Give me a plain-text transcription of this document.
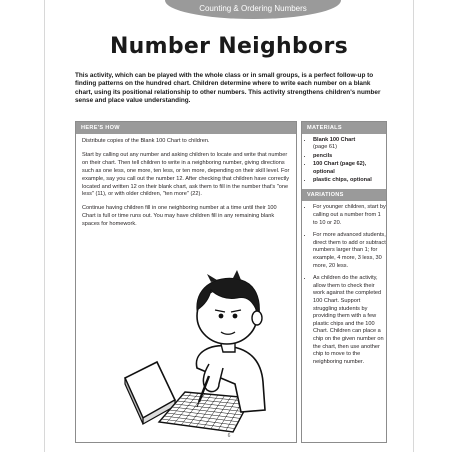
Counting & Ordering Numbers
Number Neighbors

This activity, which can be played with the whole class or in small groups, is a perfect follow-up to finding patterns on the hundred chart. Children determine where to write each number on a blank chart, using its positional relationship to other numbers. This activity strengthens children's number sense and place value understanding.

HERE'S HOW

Distribute copies of the Blank 100 Chart to children.

Start by calling out any number and asking children to locate and write that number on their chart. Then tell children to write in a neighboring number, giving directions such as one less, one more, ten less, or ten more, depending on their skill level. For example, say you call out the number 12. After checking that children have correctly located and written 12 on their blank chart, ask them to fill in the number that's "one less" (11), or with older children, "ten more" (22).

Continue having children fill in one neighboring number at a time until their 100 Chart is full or time runs out. You may have children fill in any remaining blank spaces for homework.

MATERIALS
• Blank 100 Chart
(page 61)
• pencils
• 100 Chart (page 62), optional
• plastic chips, optional
VARIATIONS
• For younger children, start by calling out a number from 1 to 10 or 20.
• For more advanced students, direct them to add or subtract numbers larger than 1; for example, 4 more, 3 less, 30 more, 20 less.
• As children do the activity, allow them to check their work against the completed 100 Chart. Support struggling students by providing them with a few plastic chips and the 100 Chart. Children can place a chip on the given number on the chart, then use another chip to move to the neighboring number.
6
